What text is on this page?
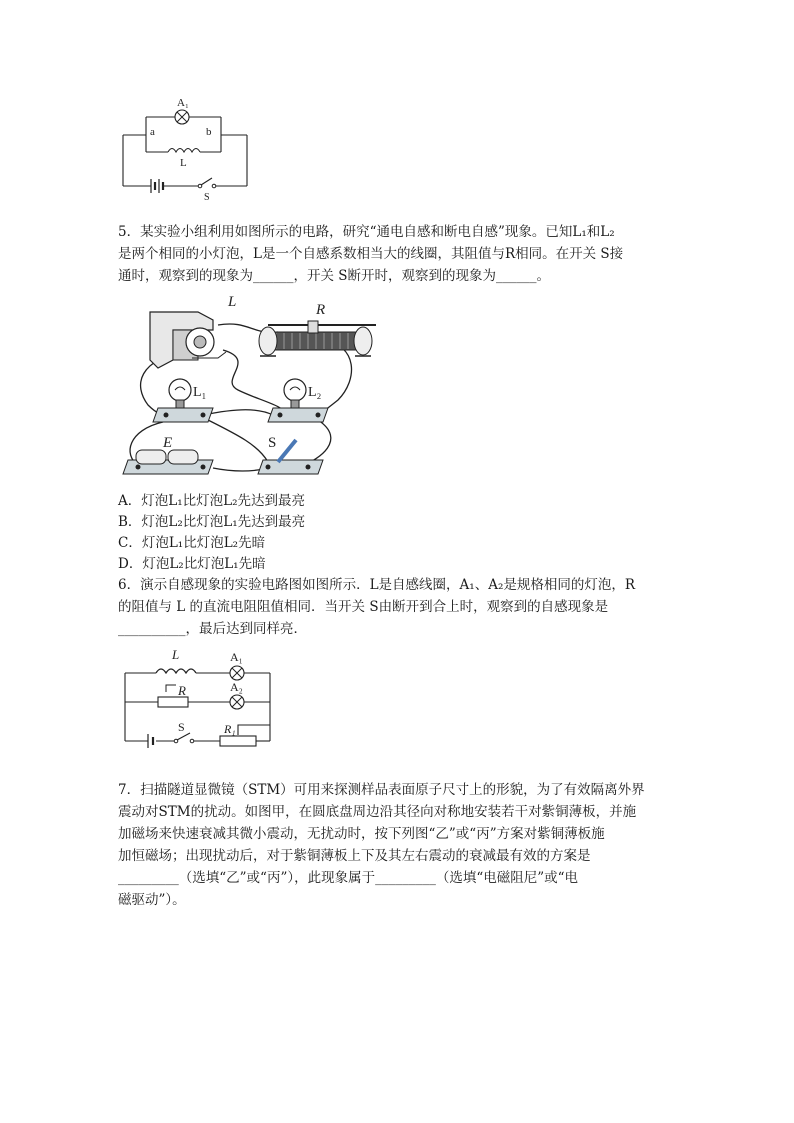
A₁
a	b
L
S
5．某实验小组利用如图所示的电路，研究“通电自感和断电自感”现象。已知L₁和L₂
是两个相同的小灯泡，L是一个自感系数相当大的线圈，其阻值与R相同。在开关 S接
通时，观察到的现象为______，开关 S断开时，观察到的现象为______。
L	R
L₁	L₂
E	S
A．灯泡L₁比灯泡L₂先达到最亮
B．灯泡L₂比灯泡L₁先达到最亮
C．灯泡L₁比灯泡L₂先暗
D．灯泡L₂比灯泡L₁先暗
6．演示自感现象的实验电路图如图所示．L是自感线圈，A₁、A₂是规格相同的灯泡，R
的阻值与 L 的直流电阻阻值相同．当开关 S由断开到合上时，观察到的自感现象是
__________，最后达到同样亮．
L	A₁
R	A₂
S	R₁
7．扫描隧道显微镜（STM）可用来探测样品表面原子尺寸上的形貌，为了有效隔离外界
震动对STM的扰动。如图甲，在圆底盘周边沿其径向对称地安装若干对紫铜薄板，并施
加磁场来快速衰减其微小震动，无扰动时，按下列图“乙”或“丙”方案对紫铜薄板施
加恒磁场；出现扰动后，对于紫铜薄板上下及其左右震动的衰减最有效的方案是
_________（选填“乙”或“丙”），此现象属于_________（选填“电磁阻尼”或“电
磁驱动”）。
